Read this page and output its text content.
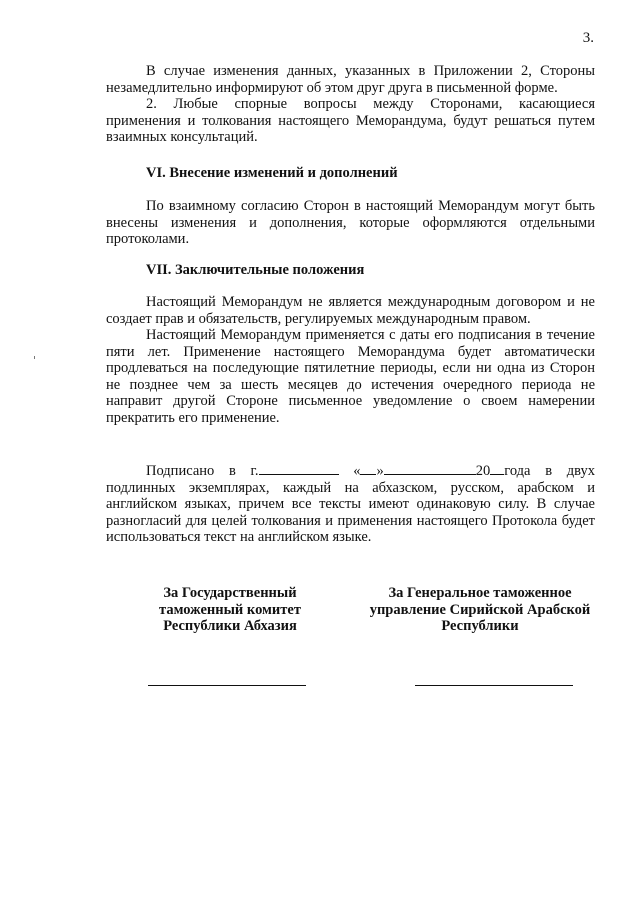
3.

В случае изменения данных, указанных в Приложении 2, Стороны незамедлительно информируют об этом друг друга в письменной форме.

2. Любые спорные вопросы между Сторонами, касающиеся применения и толкования настоящего Меморандума, будут решаться путем взаимных консультаций.

VI. Внесение изменений и дополнений

По взаимному согласию Сторон в настоящий Меморандум могут быть внесены изменения и дополнения, которые оформляются отдельными протоколами.

VII. Заключительные положения

Настоящий Меморандум не является международным договором и не создает прав и обязательств, регулируемых международным правом.

Настоящий Меморандум применяется с даты его подписания в течение пяти лет. Применение настоящего Меморандума будет автоматически продлеваться на последующие пятилетние периоды, если ни одна из Сторон не позднее чем за шесть месяцев до истечения очередного периода не направит другой Стороне письменное уведомление о своем намерении прекратить его применение.

Подписано в г.	« »	20 года в двух подлинных экземплярах, каждый на абхазском, русском, арабском и английском языках, причем все тексты имеют одинаковую силу. В случае разногласий для целей толкования и применения настоящего Протокола будет использоваться текст на английском языке.

За Государственный таможенный комитет Республики Абхазия
За Генеральное таможенное управление Сирийской Арабской Республики
